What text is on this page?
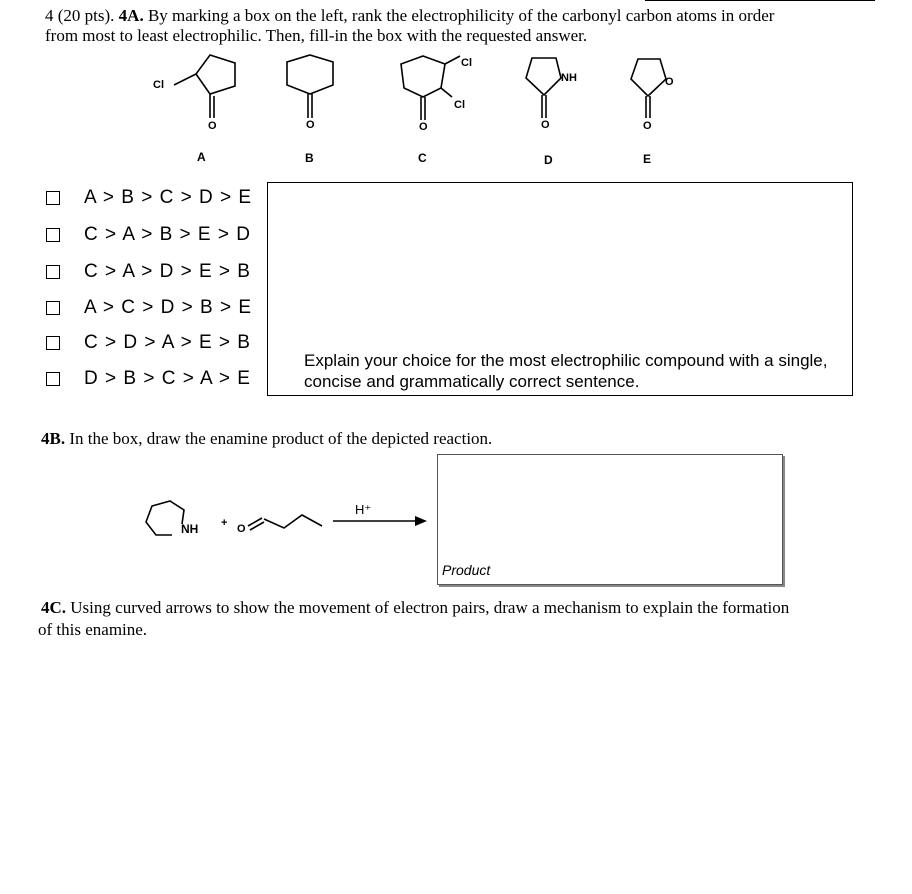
4 (20 pts). 4A. By marking a box on the left, rank the electrophilicity of the carbonyl carbon atoms in order
from most to least electrophilic. Then, fill-in the box with the requested answer.
Cl
O	O
Cl
Cl
O
NH
O
O
O
A	B	C	D	E
A > B > C > D > E
C > A > B > E > D
C > A > D > E > B
A > C > D > B > E
C > D > A > E > B
D > B > C > A > E
Explain your choice for the most electrophilic compound with a single, concise and grammatically correct sentence.
4B. In the box, draw the enamine product of the depicted reaction.
NH + O
H⁺
Product
4C. Using curved arrows to show the movement of electron pairs, draw a mechanism to explain the formation
of this enamine.
